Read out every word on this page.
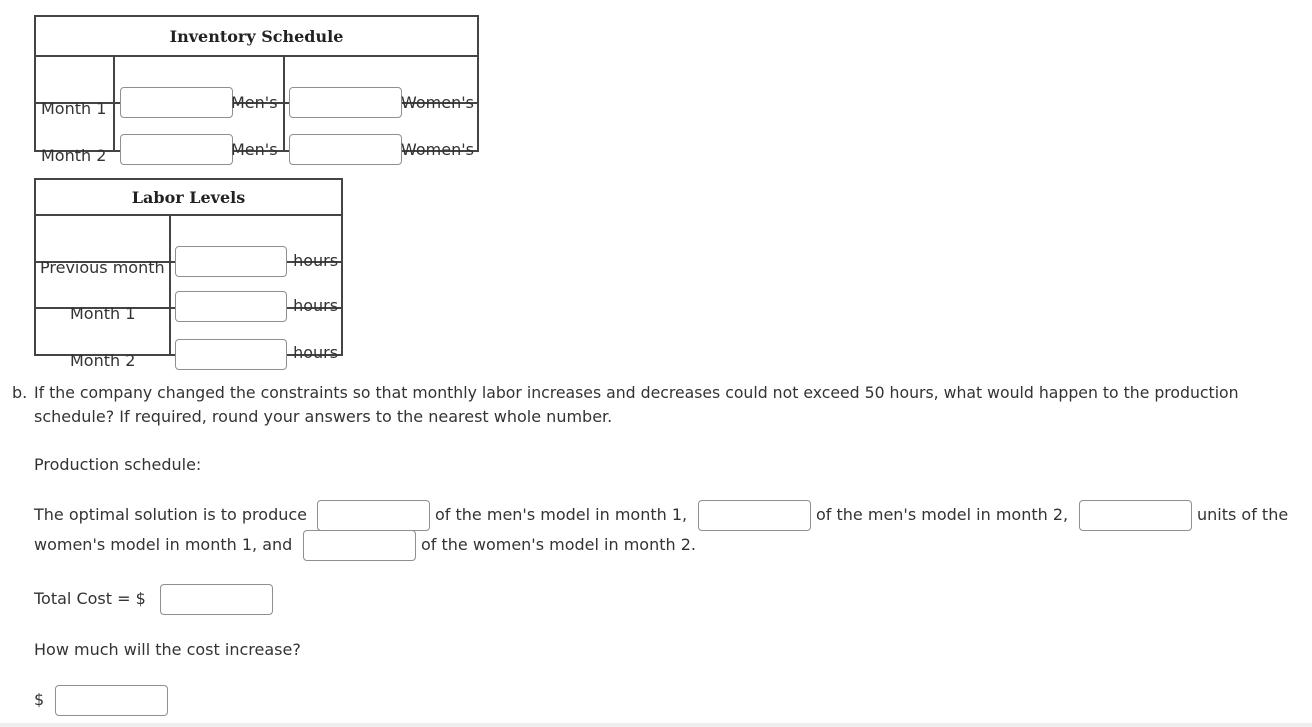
Inventory Schedule		

Month 1	Men's	Women's

Month 2	Men's	Women's
Labor Levels	

Previous month	hours

Month 1	hours

Month 2	hours
b. If the company changed the constraints so that monthly labor increases and decreases could not exceed 50 hours, what would happen to the production
schedule? If required, round your answers to the nearest whole number.
Production schedule:
The optimal solution is to produce	of the men's model in month 1,	of the men's model in month 2,	units of the
women's model in month 1, and	of the women's model in month 2.
Total Cost = $
How much will the cost increase?
$
